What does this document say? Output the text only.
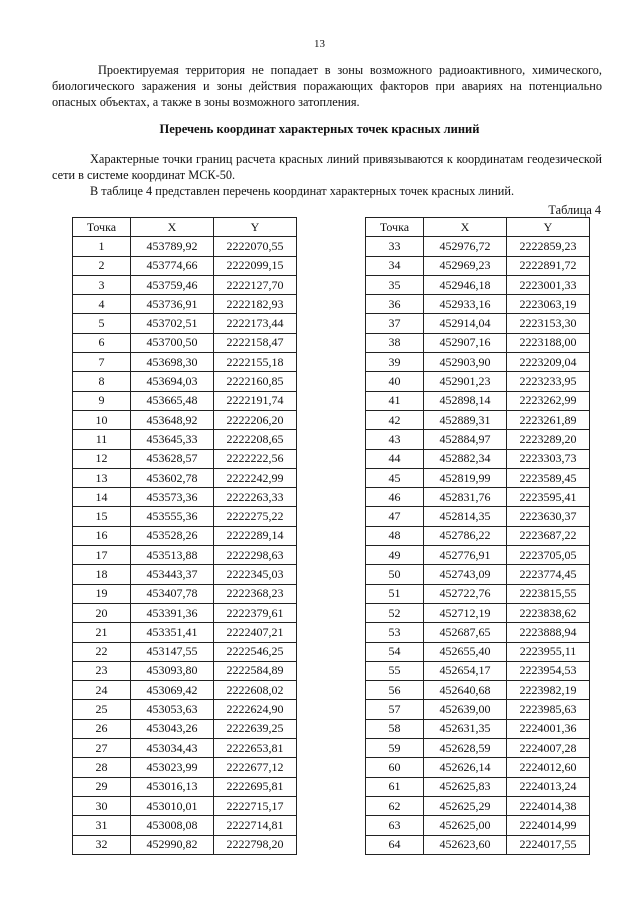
13

Проектируемая территория не попадает в зоны возможного радиоактивного, химического, биологического заражения и зоны действия поражающих факторов при авариях на потенциально опасных объектах, а также в зоны возможного затопления.

Перечень координат характерных точек красных линий

Характерные точки границ расчета красных линий привязываются к координатам геодезической сети в системе координат МСК-50.

В таблице 4 представлен перечень координат характерных точек красных линий.

Таблица 4
Точка	X	Y
1	453789,92	2222070,55
2	453774,66	2222099,15
3	453759,46	2222127,70
4	453736,91	2222182,93
5	453702,51	2222173,44
6	453700,50	2222158,47
7	453698,30	2222155,18
8	453694,03	2222160,85
9	453665,48	2222191,74
10	453648,92	2222206,20
11	453645,33	2222208,65
12	453628,57	2222222,56
13	453602,78	2222242,99
14	453573,36	2222263,33
15	453555,36	2222275,22
16	453528,26	2222289,14
17	453513,88	2222298,63
18	453443,37	2222345,03
19	453407,78	2222368,23
20	453391,36	2222379,61
21	453351,41	2222407,21
22	453147,55	2222546,25
23	453093,80	2222584,89
24	453069,42	2222608,02
25	453053,63	2222624,90
26	453043,26	2222639,25
27	453034,43	2222653,81
28	453023,99	2222677,12
29	453016,13	2222695,81
30	453010,01	2222715,17
31	453008,08	2222714,81
32	452990,82	2222798,20
Точка	X	Y
33	452976,72	2222859,23
34	452969,23	2222891,72
35	452946,18	2223001,33
36	452933,16	2223063,19
37	452914,04	2223153,30
38	452907,16	2223188,00
39	452903,90	2223209,04
40	452901,23	2223233,95
41	452898,14	2223262,99
42	452889,31	2223261,89
43	452884,97	2223289,20
44	452882,34	2223303,73
45	452819,99	2223589,45
46	452831,76	2223595,41
47	452814,35	2223630,37
48	452786,22	2223687,22
49	452776,91	2223705,05
50	452743,09	2223774,45
51	452722,76	2223815,55
52	452712,19	2223838,62
53	452687,65	2223888,94
54	452655,40	2223955,11
55	452654,17	2223954,53
56	452640,68	2223982,19
57	452639,00	2223985,63
58	452631,35	2224001,36
59	452628,59	2224007,28
60	452626,14	2224012,60
61	452625,83	2224013,24
62	452625,29	2224014,38
63	452625,00	2224014,99
64	452623,60	2224017,55
